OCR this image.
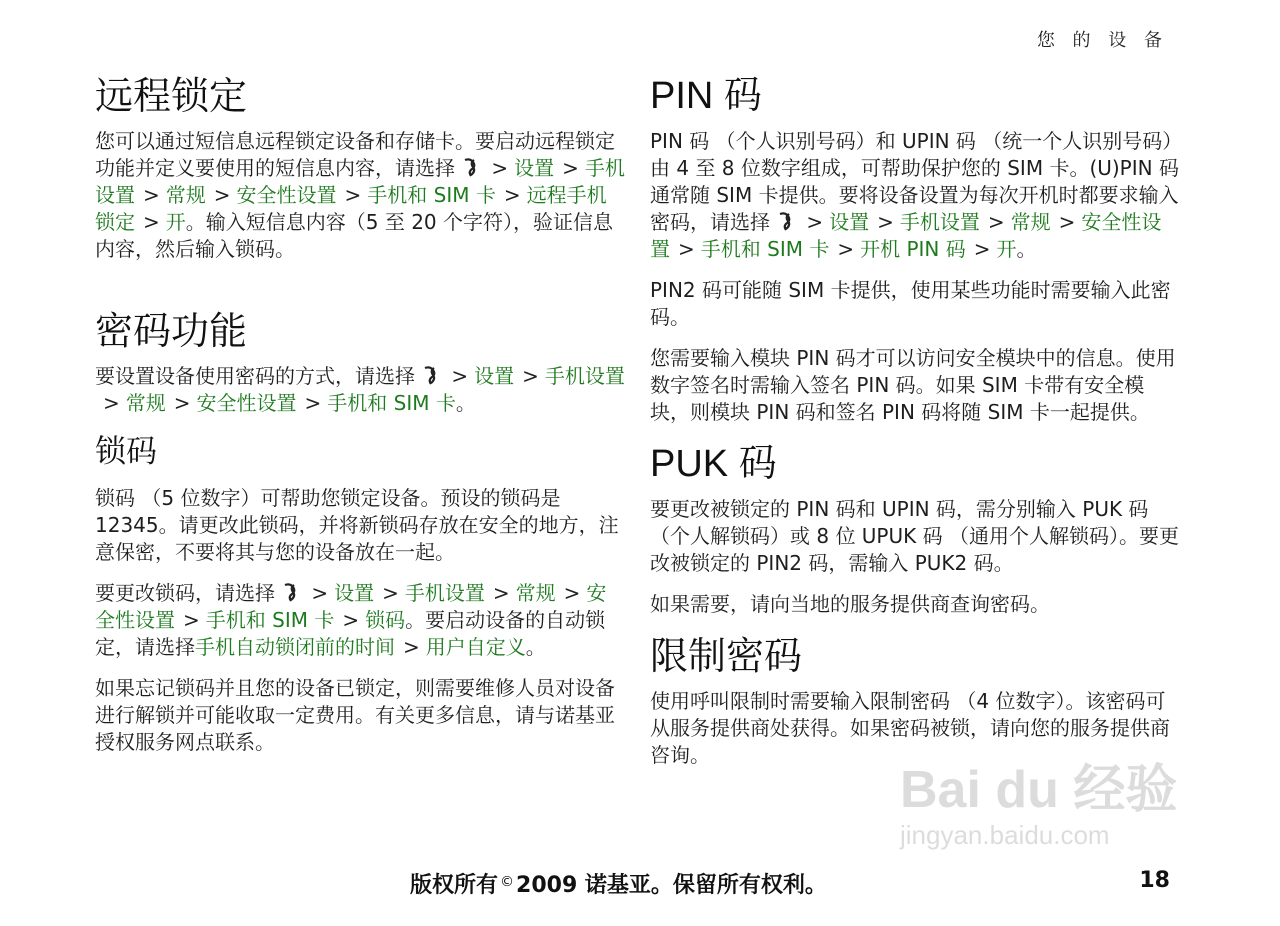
您 的 设 备
远程锁定

您可以通过短信息远程锁定设备和存储卡。要启动远程锁定功能并定义要使用的短信息内容，请选择 > 设置 > 手机设置 > 常规 > 安全性设置 > 手机和 SIM 卡 > 远程手机锁定 > 开。输入短信息内容（5 至 20 个字符），验证信息内容，然后输入锁码。

密码功能

要设置设备使用密码的方式，请选择 > 设置 > 手机设置> 常规 > 安全性设置 > 手机和 SIM 卡。

锁码

锁码 （5 位数字）可帮助您锁定设备。预设的锁码是 12345。请更改此锁码，并将新锁码存放在安全的地方，注意保密，不要将其与您的设备放在一起。

要更改锁码，请选择 > 设置 > 手机设置 > 常规 > 安全性设置 > 手机和 SIM 卡 > 锁码。要启动设备的自动锁定，请选择手机自动锁闭前的时间 > 用户自定义。

如果忘记锁码并且您的设备已锁定，则需要维修人员对设备进行解锁并可能收取一定费用。有关更多信息，请与诺基亚授权服务网点联系。

PIN 码

PIN 码 （个人识别号码）和 UPIN 码 （统一个人识别号码）由 4 至 8 位数字组成，可帮助保护您的 SIM 卡。(U)PIN 码通常随 SIM 卡提供。要将设备设置为每次开机时都要求输入密码，请选择 > 设置 > 手机设置 > 常规 > 安全性设置 > 手机和 SIM 卡 > 开机 PIN 码 > 开。

PIN2 码可能随 SIM 卡提供，使用某些功能时需要输入此密码。

您需要输入模块 PIN 码才可以访问安全模块中的信息。使用数字签名时需输入签名 PIN 码。如果 SIM 卡带有安全模块，则模块 PIN 码和签名 PIN 码将随 SIM 卡一起提供。

PUK 码

要更改被锁定的 PIN 码和 UPIN 码，需分别输入 PUK 码 （个人解锁码）或 8 位 UPUK 码 （通用个人解锁码）。要更改被锁定的 PIN2 码，需输入 PUK2 码。

如果需要，请向当地的服务提供商查询密码。

限制密码

使用呼叫限制时需要输入限制密码 （4 位数字）。该密码可从服务提供商处获得。如果密码被锁，请向您的服务提供商咨询。

Bai du 经验
jingyan.baidu.com
版权所有 ©2009 诺基亚。保留所有权利。	18
